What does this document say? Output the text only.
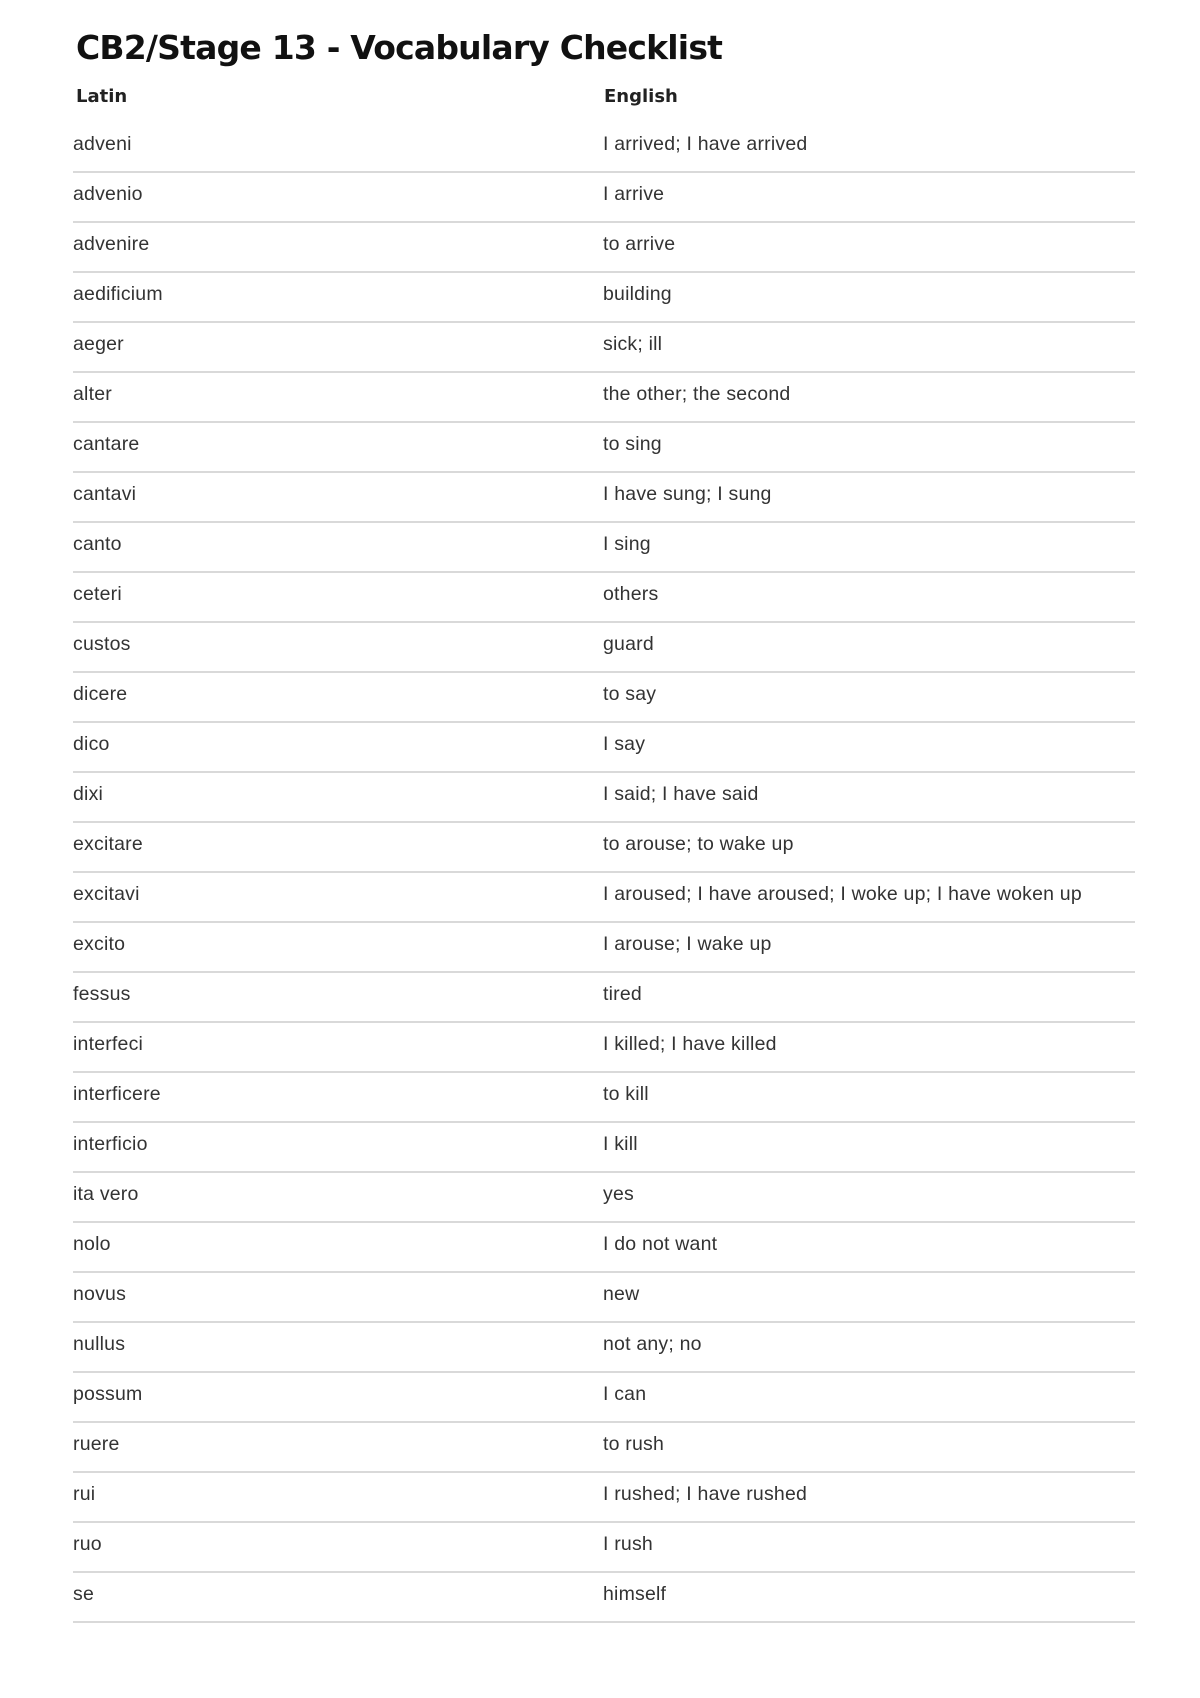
CB2/Stage 13 - Vocabulary Checklist
Latin	English
adveni	I arrived; I have arrived
advenio	I arrive
advenire	to arrive
aedificium	building
aeger	sick; ill
alter	the other; the second
cantare	to sing
cantavi	I have sung; I sung
canto	I sing
ceteri	others
custos	guard
dicere	to say
dico	I say
dixi	I said; I have said
excitare	to arouse; to wake up
excitavi	I aroused; I have aroused; I woke up; I have woken up
excito	I arouse; I wake up
fessus	tired
interfeci	I killed; I have killed
interficere	to kill
interficio	I kill
ita vero	yes
nolo	I do not want
novus	new
nullus	not any; no
possum	I can
ruere	to rush
rui	I rushed; I have rushed
ruo	I rush
se	himself
